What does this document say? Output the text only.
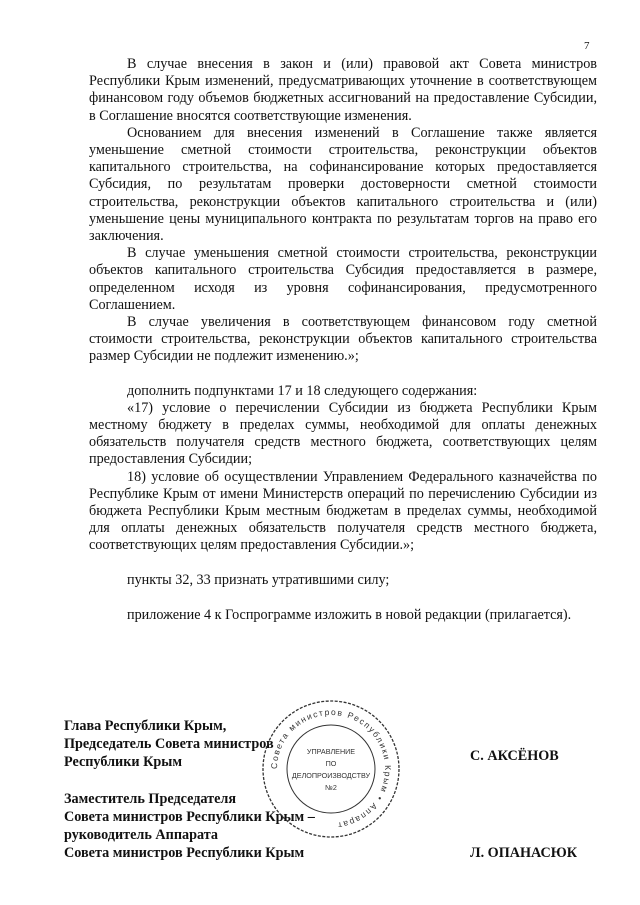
7

В случае внесения в закон и (или) правовой акт Совета министров Республики Крым изменений, предусматривающих уточнение в соответствующем финансовом году объемов бюджетных ассигнований на предоставление Субсидии, в Соглашение вносятся соответствующие изменения.

Основанием для внесения изменений в Соглашение также является уменьшение сметной стоимости строительства, реконструкции объектов капитального строительства, на софинансирование которых предоставляется Субсидия, по результатам проверки достоверности сметной стоимости строительства, реконструкции объектов капитального строительства и (или) уменьшение цены муниципального контракта по результатам торгов на право его заключения.

В случае уменьшения сметной стоимости строительства, реконструкции объектов капитального строительства Субсидия предоставляется в размере, определенном исходя из уровня софинансирования, предусмотренного Соглашением.

В случае увеличения в соответствующем финансовом году сметной стоимости строительства, реконструкции объектов капитального строительства размер Субсидии не подлежит изменению.»;

дополнить подпунктами 17 и 18 следующего содержания:

«17) условие о перечислении Субсидии из бюджета Республики Крым местному бюджету в пределах суммы, необходимой для оплаты денежных обязательств получателя средств местного бюджета, соответствующих целям предоставления Субсидии;

18) условие об осуществлении Управлением Федерального казначейства по Республике Крым от имени Министерств операций по перечислению Субсидии из бюджета Республики Крым местным бюджетам в пределах суммы, необходимой для оплаты денежных обязательств получателя средств местного бюджета, соответствующих целям предоставления Субсидии.»;

пункты 32, 33 признать утратившими силу;

приложение 4 к Госпрограмме изложить в новой редакции (прилагается).

Глава Республики Крым,
Председатель Совета министров
Республики Крым	С. АКСЁНОВ
Заместитель Председателя
Совета министров Республики Крым –
руководитель Аппарата
Совета министров Республики Крым	Л. ОПАНАСЮК
Совета министров Республики Крым • Аппарат
УПРАВЛЕНИЕ
ПО
ДЕЛОПРОИЗВОДСТВУ
№2
